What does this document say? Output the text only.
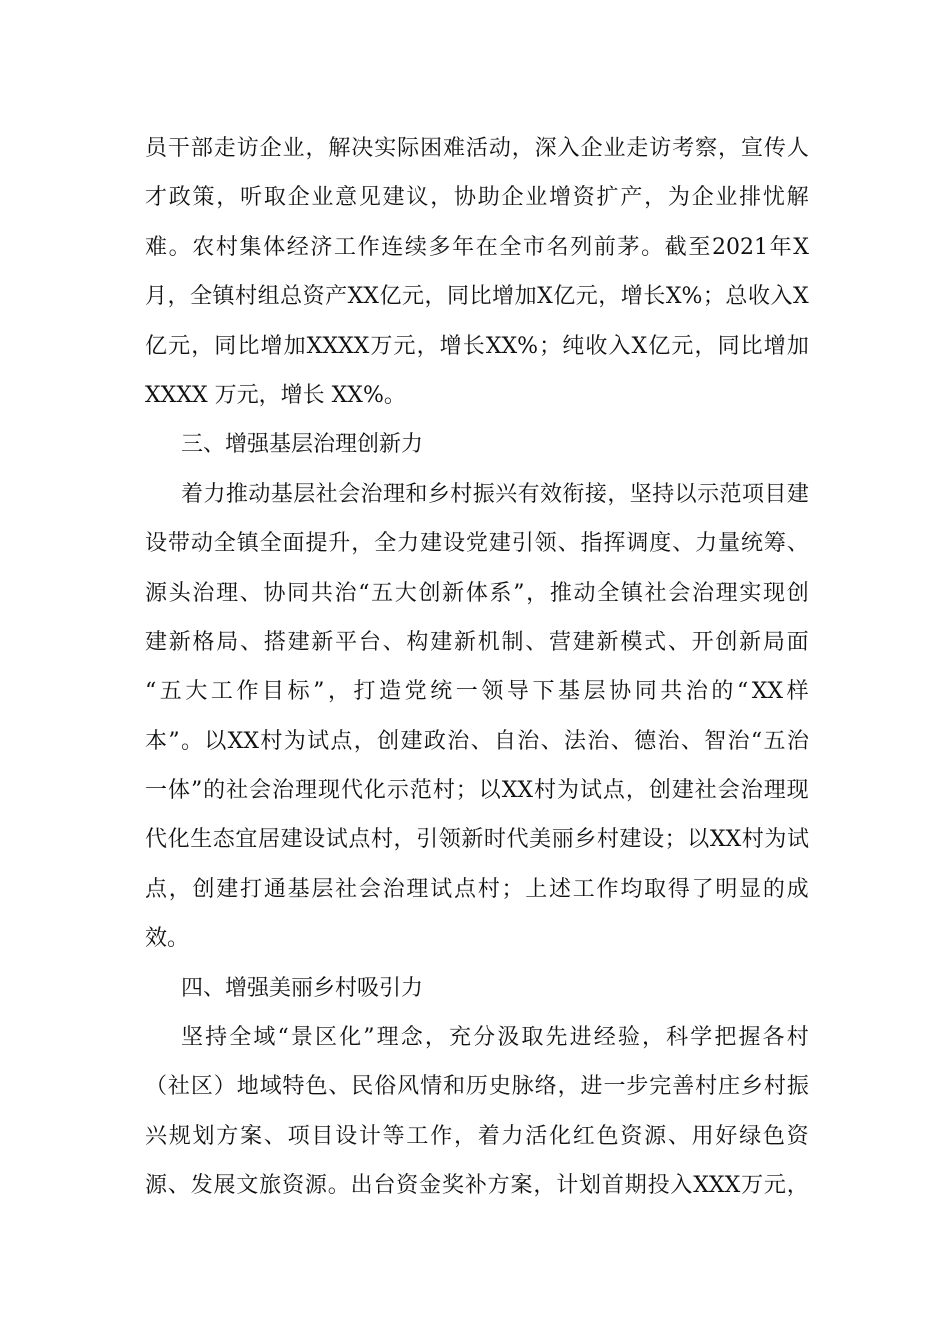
员 干 部 走 访 企 业 ， 解 决 实 际 困 难 活 动 ， 深 入 企 业 走 访 考 察 ， 宣 传 人
才 政 策 ， 听 取 企 业 意 见 建 议 ， 协 助 企 业 增 资 扩 产 ， 为 企 业 排 忧 解
难 。 农 村 集 体 经 济 工 作 连 续 多 年 在 全 市 名 列 前 茅 。 截 至 2021 年 X
月 ， 全 镇 村 组 总 资 产 XX 亿 元 ， 同 比 增 加 X 亿 元 ， 增 长 X% ； 总 收 入 X
亿 元 ， 同 比 增 加 XXXX 万 元 ， 增 长 XX% ； 纯 收 入 X 亿 元 ， 同 比 增 加
XXXX 万元，增长 XX%。
三、增强基层治理创新力
着 力 推 动 基 层 社 会 治 理 和 乡 村 振 兴 有 效 衔 接 ， 坚 持 以 示 范 项 目 建
设 带 动 全 镇 全 面 提 升 ， 全 力 建 设 党 建 引 领 、 指 挥 调 度 、 力 量 统 筹 、
源 头 治 理 、 协 同 共 治 “ 五 大 创 新 体 系 ” ， 推 动 全 镇 社 会 治 理 实 现 创
建 新 格 局 、 搭 建 新 平 台 、 构 建 新 机 制 、 营 建 新 模 式 、 开 创 新 局 面
“ 五 大 工 作 目 标 ” ， 打 造 党 统 一 领 导 下 基 层 协 同 共 治 的 “ XX 样
本 ” 。 以 XX 村 为 试 点 ， 创 建 政 治 、 自 治 、 法 治 、 德 治 、 智 治 “ 五 治
一 体 ” 的 社 会 治 理 现 代 化 示 范 村 ； 以 XX 村 为 试 点 ， 创 建 社 会 治 理 现
代 化 生 态 宜 居 建 设 试 点 村 ， 引 领 新 时 代 美 丽 乡 村 建 设 ； 以 XX 村 为 试
点 ， 创 建 打 通 基 层 社 会 治 理 试 点 村 ； 上 述 工 作 均 取 得 了 明 显 的 成
效。
四、增强美丽乡村吸引力
坚 持 全 域 “ 景 区 化 ” 理 念 ， 充 分 汲 取 先 进 经 验 ， 科 学 把 握 各 村
（ 社 区 ） 地 域 特 色 、 民 俗 风 情 和 历 史 脉 络 ， 进 一 步 完 善 村 庄 乡 村 振
兴 规 划 方 案 、 项 目 设 计 等 工 作 ， 着 力 活 化 红 色 资 源 、 用 好 绿 色 资
源 、 发 展 文 旅 资 源 。 出 台 资 金 奖 补 方 案 ， 计 划 首 期 投 入 XXX 万 元 ，
